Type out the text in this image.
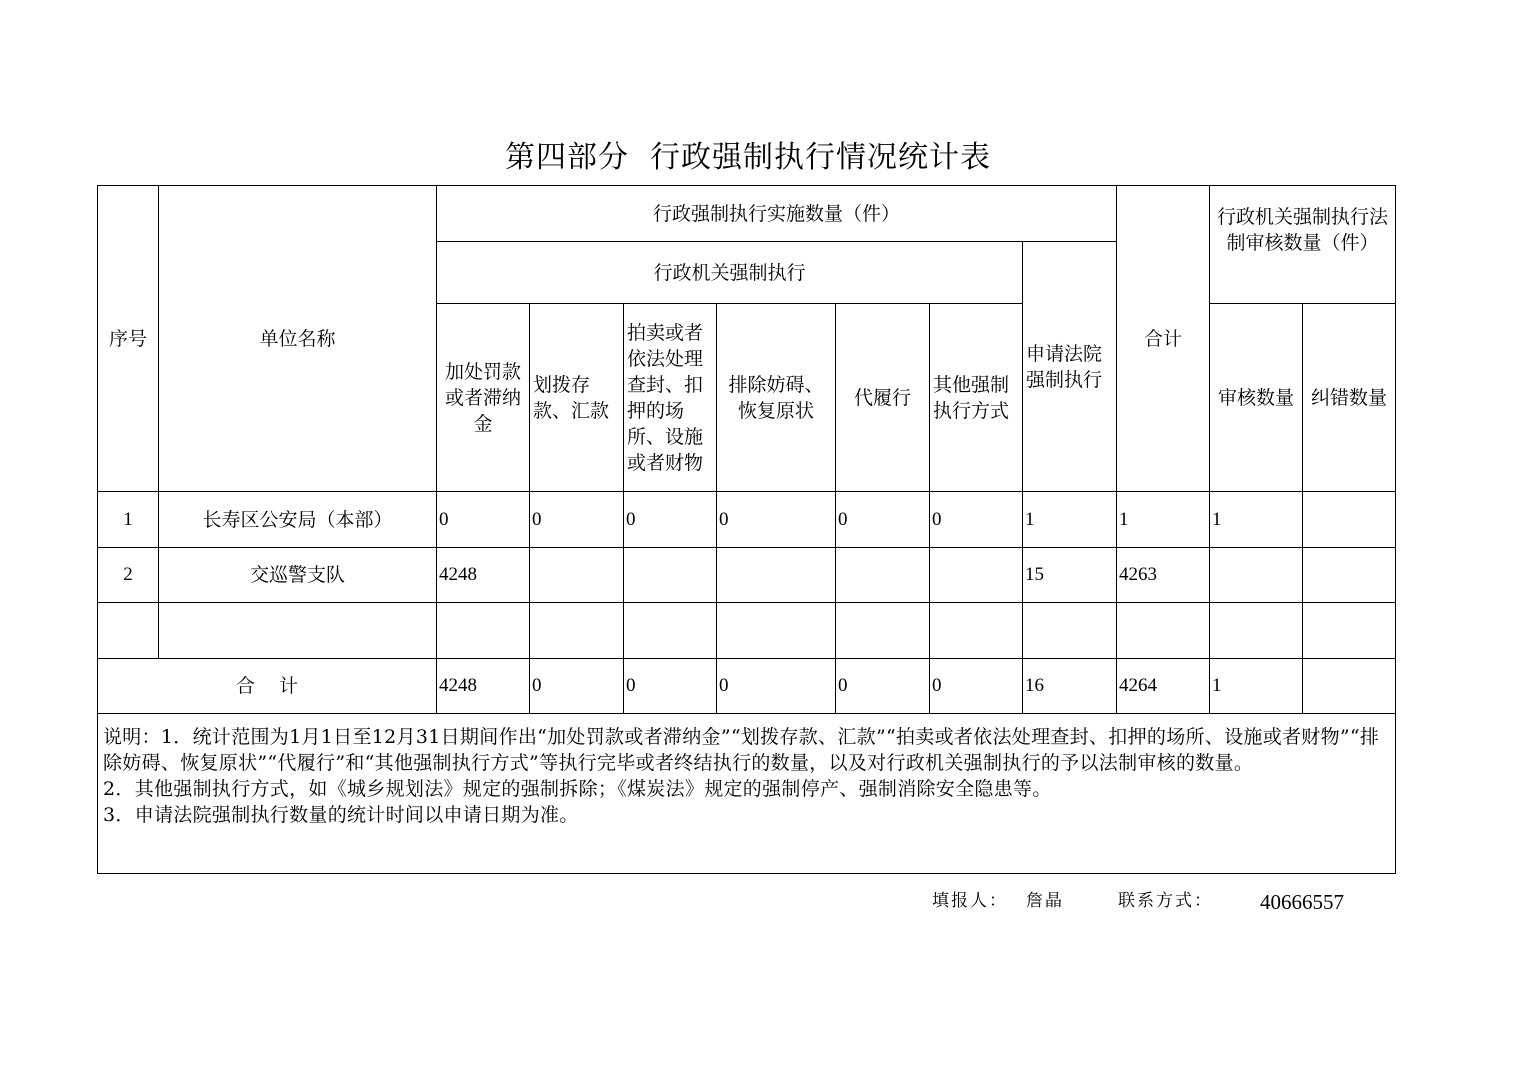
第四部分  行政强制执行情况统计表
序号	单位名称	行政强制执行实施数量（件）							合计	行政机关强制执行法制审核数量（件）	
		行政机关强制执行						申请法院强制执行			
		加处罚款或者滞纳金	划拨存款、汇款	拍卖或者依法处理查封、扣押的场所、设施或者财物	排除妨碍、恢复原状	代履行	其他强制执行方式			审核数量	纠错数量
1	长寿区公安局（本部）	0	0	0	0	0	0	1	1	1	
2	交巡警支队	4248						15	4263		

合    计		4248	0	0	0	0	0	16	4264	1	

说明：1．统计范围为1月1日至12月31日期间作出“加处罚款或者滞纳金”“划拨存款、汇款”“拍卖或者依法处理查封、扣押的场所、设施或者财物”“排除妨碍、恢复原状”“代履行”和“其他强制执行方式”等执行完毕或者终结执行的数量，以及对行政机关强制执行的予以法制审核的数量。

2．其他强制执行方式，如《城乡规划法》规定的强制拆除；《煤炭法》规定的强制停产、强制消除安全隐患等。

3．申请法院强制执行数量的统计时间以申请日期为准。											

填报人： 詹晶	联系方式： 40666557
